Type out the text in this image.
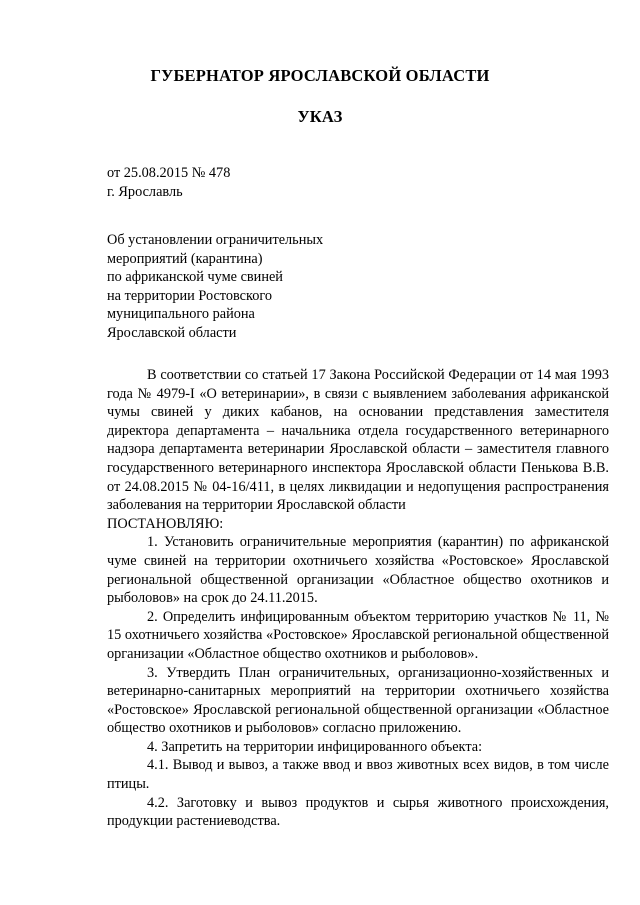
ГУБЕРНАТОР ЯРОСЛАВСКОЙ ОБЛАСТИ
УКАЗ
от 25.08.2015 № 478
г. Ярославль
Об установлении ограничительных
мероприятий (карантина)
по африканской чуме свиней
на территории Ростовского
муниципального района
Ярославской области

В соответствии со статьей 17 Закона Российской Федерации от 14 мая 1993 года № 4979-I «О ветеринарии», в связи с выявлением заболевания африканской чумы свиней у диких кабанов, на основании представления заместителя директора департамента – начальника отдела государственного ветеринарного надзора департамента ветеринарии Ярославской области – заместителя главного государственного ветеринарного инспектора Ярославской области Пенькова В.В. от 24.08.2015 № 04-16/411, в целях ликвидации и недопущения распространения заболевания на территории Ярославской области

ПОСТАНОВЛЯЮ:

1. Установить ограничительные мероприятия (карантин) по африканской чуме свиней на территории охотничьего хозяйства «Ростовское» Ярославской региональной общественной организации «Областное общество охотников и рыболовов» на срок до 24.11.2015.

2. Определить инфицированным объектом территорию участков № 11, № 15 охотничьего хозяйства «Ростовское» Ярославской региональной общественной организации «Областное общество охотников и рыболовов».

3. Утвердить План ограничительных, организационно-хозяйственных и ветеринарно-санитарных мероприятий на территории охотничьего хозяйства «Ростовское» Ярославской региональной общественной организации «Областное общество охотников и рыболовов» согласно приложению.

4. Запретить на территории инфицированного объекта:

4.1. Вывод и вывоз, а также ввод и ввоз животных всех видов, в том числе птицы.

4.2. Заготовку и вывоз продуктов и сырья животного происхождения, продукции растениеводства.
